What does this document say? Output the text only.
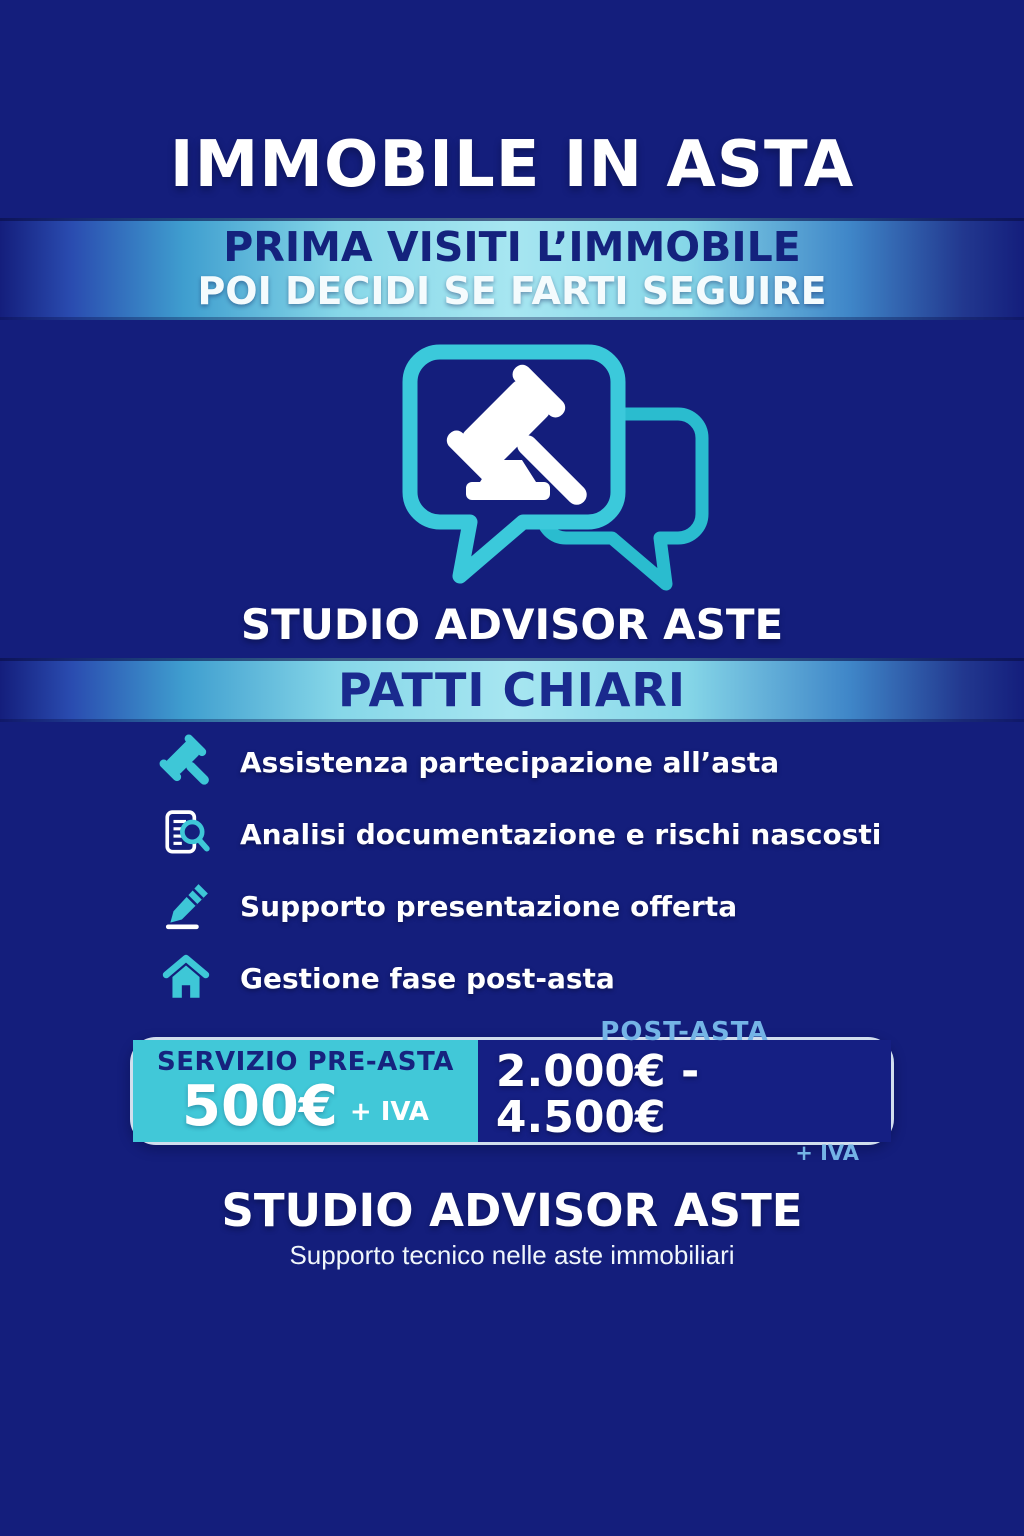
IMMOBILE IN ASTA
PRIMA VISITI L’IMMOBILE
POI DECIDI SE FARTI SEGUIRE
STUDIO ADVISOR ASTE
PATTI CHIARI
Assistenza partecipazione all’asta
Analisi documentazione e rischi nascosti
Supporto presentazione offerta
Gestione fase post-asta
SERVIZIO PRE-ASTA
500€ + IVA
POST-ASTA
2.000€ - 4.500€
+ IVA
STUDIO ADVISOR ASTE
Supporto tecnico nelle aste immobiliari
